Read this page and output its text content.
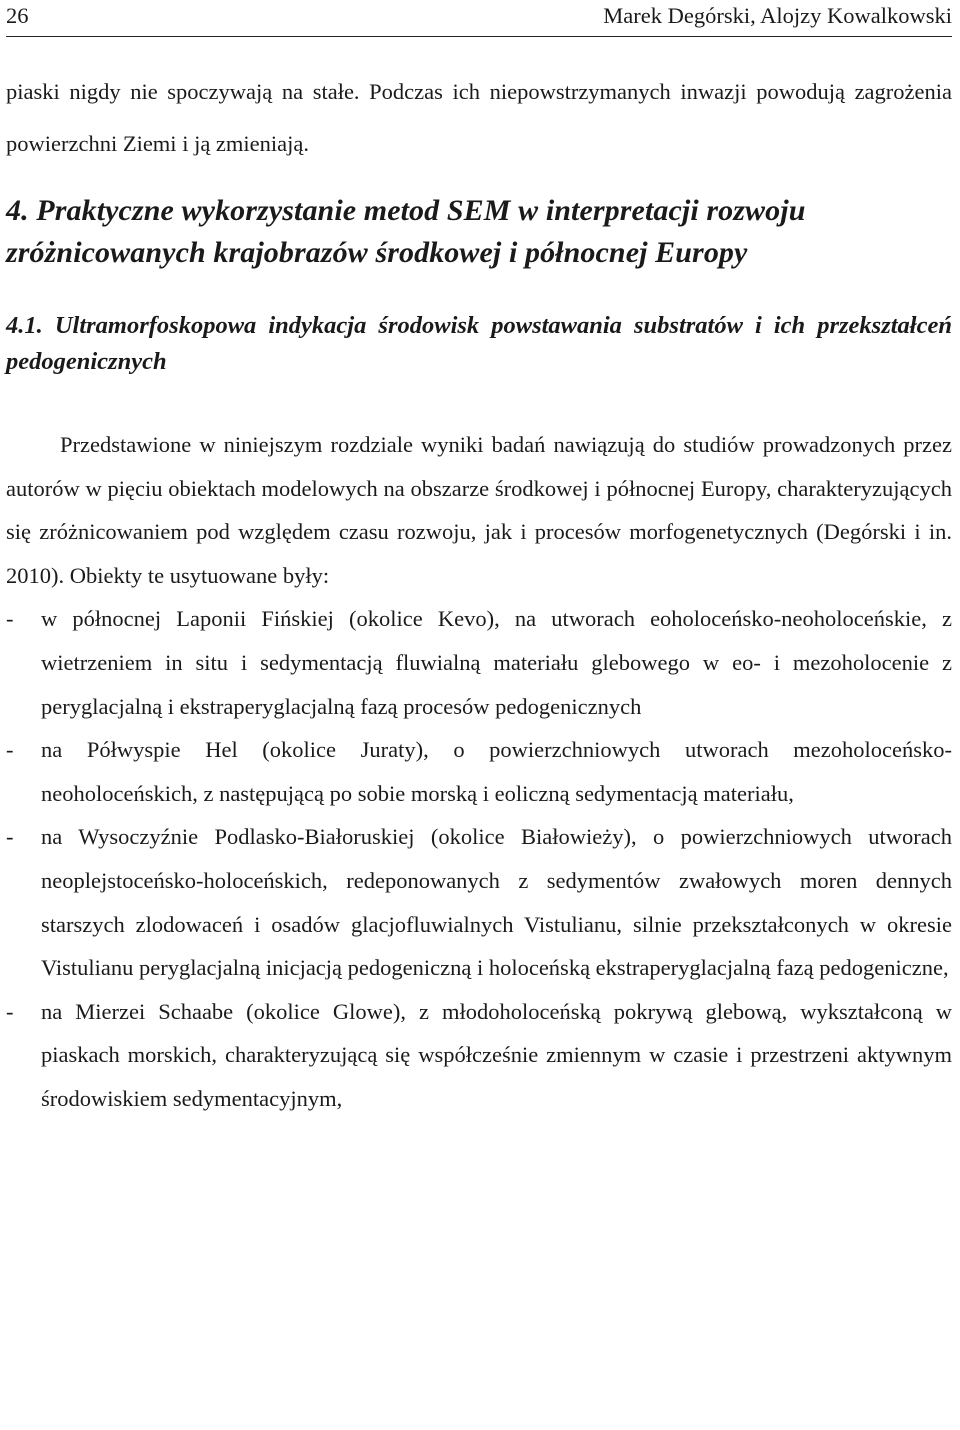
26	Marek Degórski, Alojzy Kowalkowski

piaski nigdy nie spoczywają na stałe. Podczas ich niepowstrzymanych inwazji powodują zagrożenia powierzchni Ziemi i ją zmieniają.

4. Praktyczne wykorzystanie metod SEM w interpretacji rozwoju zróżnicowanych krajobrazów środkowej i północnej Europy
4.1. Ultramorfoskopowa indykacja środowisk powstawania substratów i ich przekształceń pedogenicznych

Przedstawione w niniejszym rozdziale wyniki badań nawiązują do studiów prowadzonych przez autorów w pięciu obiektach modelowych na obszarze środkowej i północnej Europy, charakteryzujących się zróżnicowaniem pod względem czasu rozwoju, jak i procesów morfogenetycznych (Degórski i in. 2010). Obiekty te usytuowane były:

- w północnej Laponii Fińskiej (okolice Kevo), na utworach eoholoceńsko-neoholoceńskie, z wietrzeniem in situ i sedymentacją fluwialną materiału glebowego w eo- i mezoholocenie z peryglacjalną i ekstraperyglacjalną fazą procesów pedogenicznych
- na Półwyspie Hel (okolice Juraty), o powierzchniowych utworach mezoholoceńsko-neoholoceńskich, z następującą po sobie morską i eoliczną sedymentacją materiału,
- na Wysoczyźnie Podlasko-Białoruskiej (okolice Białowieży), o powierzchniowych utworach neoplejstoceńsko-holoceńskich, redeponowanych z sedymentów zwałowych moren dennych starszych zlodowaceń i osadów glacjofluwialnych Vistulianu, silnie przekształconych w okresie Vistulianu peryglacjalną inicjacją pedogeniczną i holoceńską ekstraperyglacjalną fazą pedogeniczne,
- na Mierzei Schaabe (okolice Glowe), z młodoholoceńską pokrywą glebową, wykształconą w piaskach morskich, charakteryzującą się współcześnie zmiennym w czasie i przestrzeni aktywnym środowiskiem sedymentacyjnym,
